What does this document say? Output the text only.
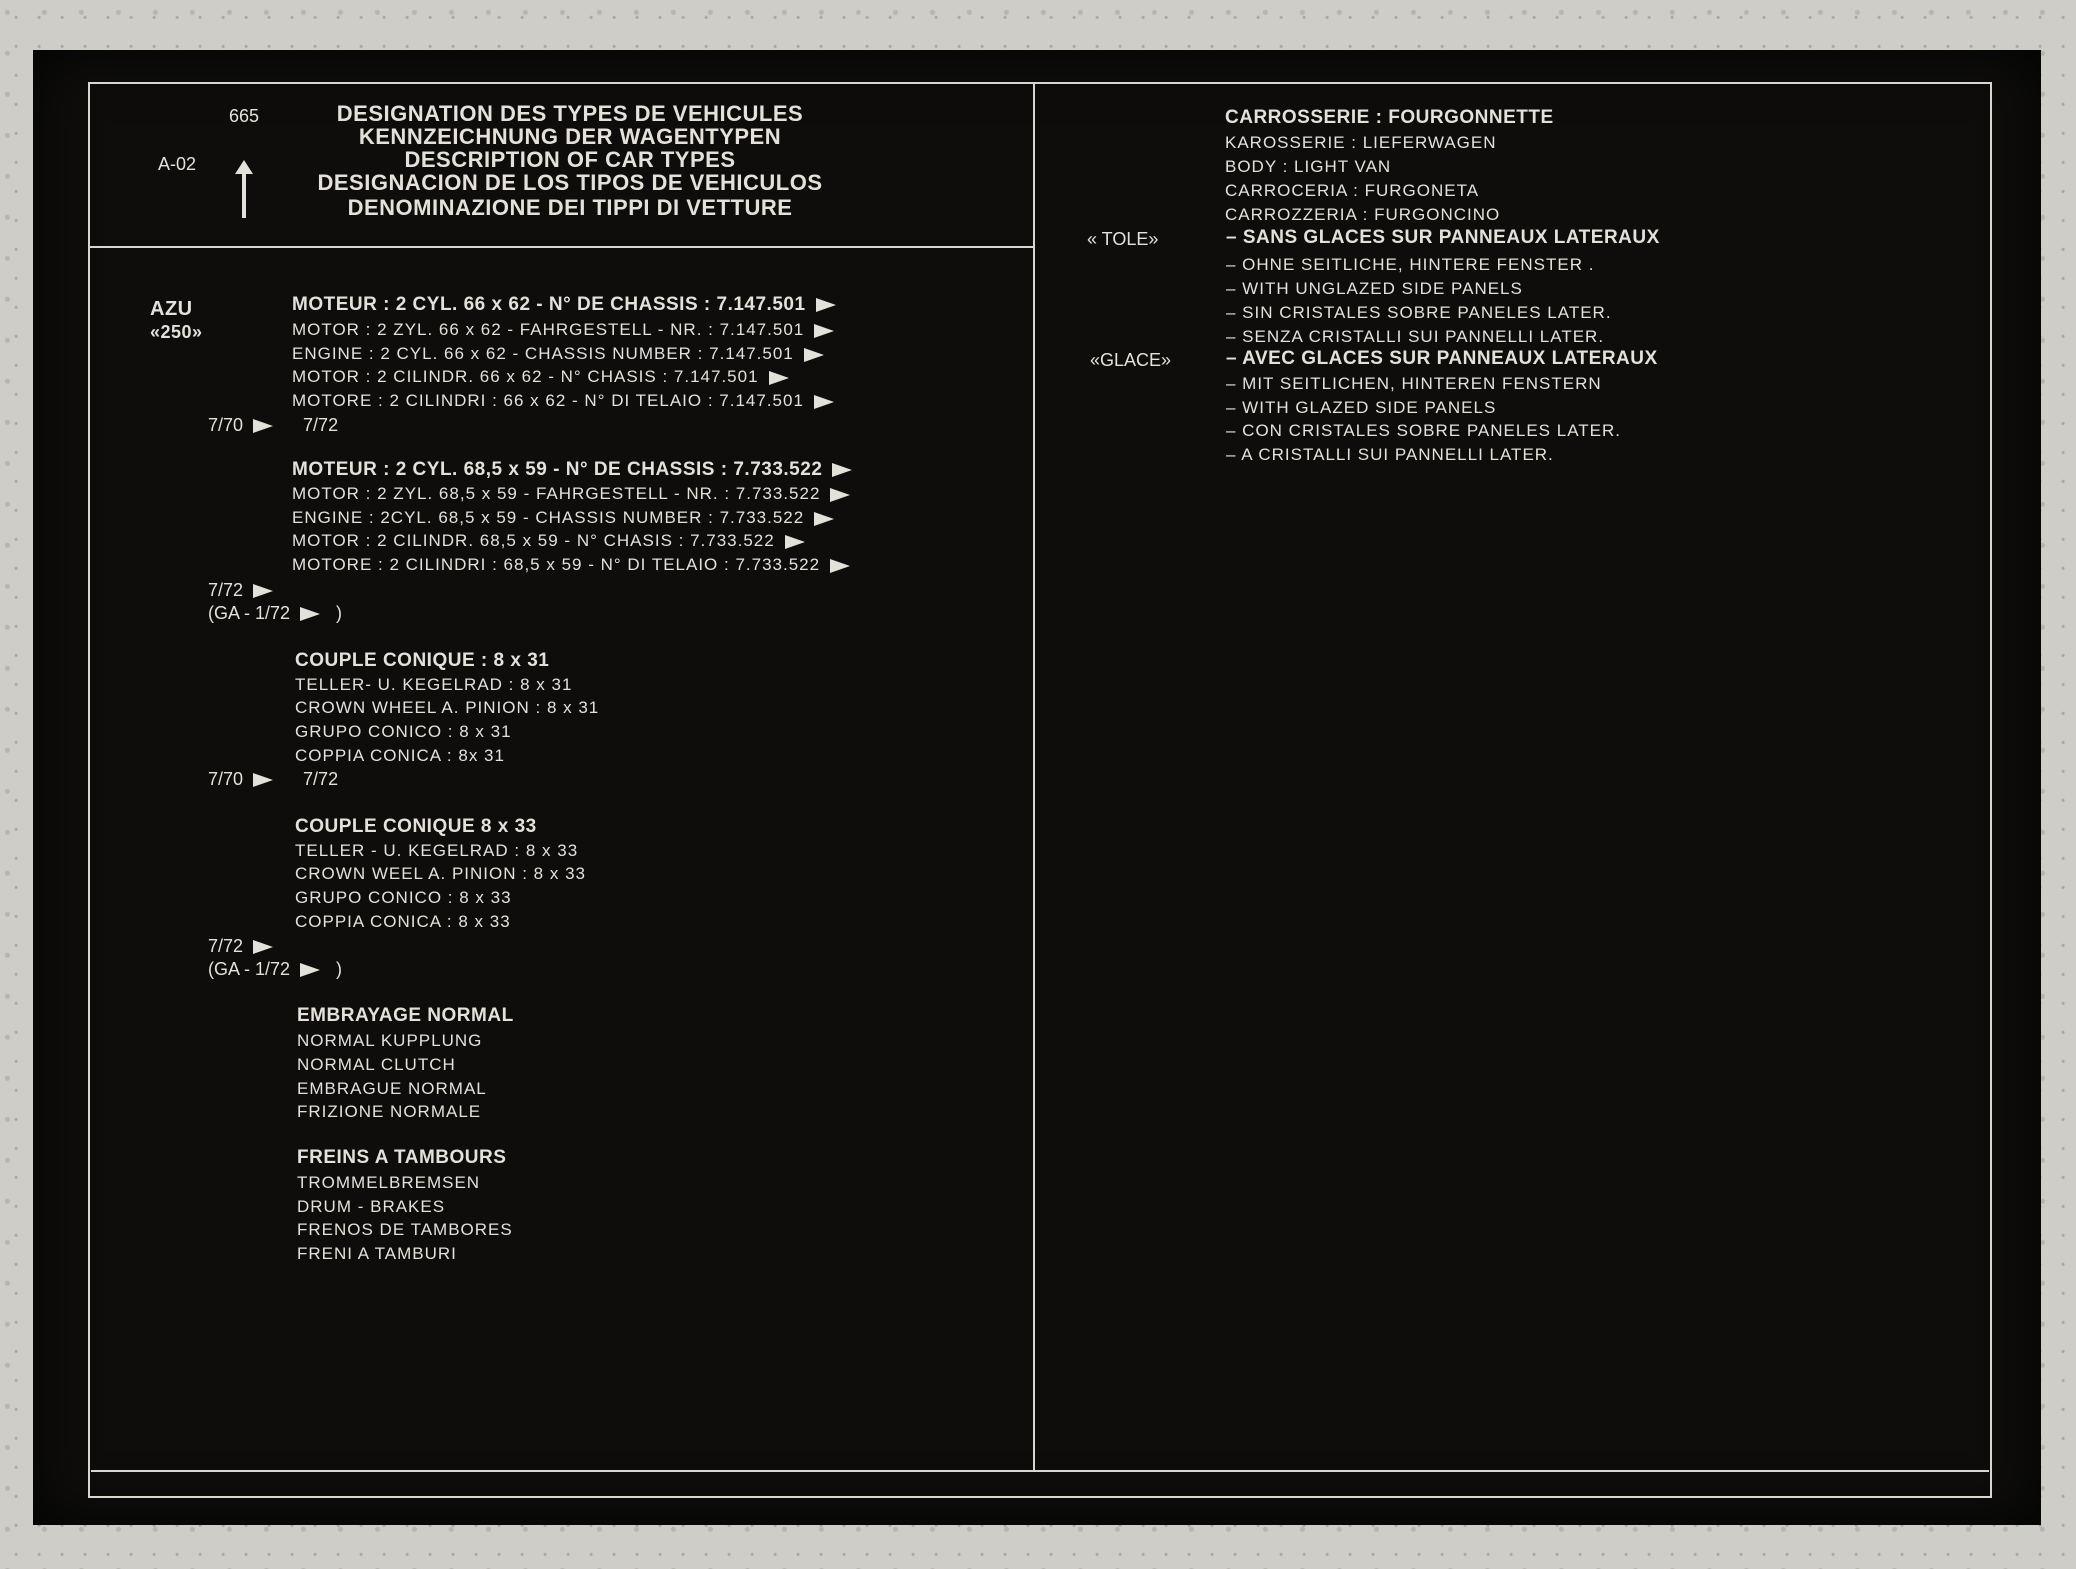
665
A-02
DESIGNATION DES TYPES DE VEHICULES
KENNZEICHNUNG DER WAGENTYPEN
DESCRIPTION OF CAR TYPES
DESIGNACION DE LOS TIPOS DE VEHICULOS
DENOMINAZIONE DEI TIPPI DI VETTURE
AZU
«250»
MOTEUR : 2 CYL. 66 x 62 - N° DE CHASSIS : 7.147.501
MOTOR : 2 ZYL. 66 x 62 - FAHRGESTELL - NR. : 7.147.501
ENGINE : 2 CYL. 66 x 62 - CHASSIS NUMBER : 7.147.501
MOTOR : 2 CILINDR. 66 x 62 - N° CHASIS : 7.147.501
MOTORE : 2 CILINDRI : 66 x 62 - N° DI TELAIO : 7.147.501
7/70	7/72
MOTEUR : 2 CYL. 68,5 x 59 - N° DE CHASSIS : 7.733.522
MOTOR : 2 ZYL. 68,5 x 59 - FAHRGESTELL - NR. : 7.733.522
ENGINE : 2CYL. 68,5 x 59 - CHASSIS NUMBER : 7.733.522
MOTOR : 2 CILINDR. 68,5 x 59 - N° CHASIS : 7.733.522
MOTORE : 2 CILINDRI : 68,5 x 59 - N° DI TELAIO : 7.733.522
7/72
(GA - 1/72	)
COUPLE CONIQUE : 8 x 31
TELLER- U. KEGELRAD : 8 x 31
CROWN WHEEL A. PINION : 8 x 31
GRUPO CONICO : 8 x 31
COPPIA CONICA : 8x 31
7/70	7/72
COUPLE CONIQUE 8 x 33
TELLER - U. KEGELRAD : 8 x 33
CROWN WEEL A. PINION : 8 x 33
GRUPO CONICO : 8 x 33
COPPIA CONICA : 8 x 33
7/72
(GA - 1/72	)
EMBRAYAGE NORMAL
NORMAL KUPPLUNG
NORMAL CLUTCH
EMBRAGUE NORMAL
FRIZIONE NORMALE
FREINS A TAMBOURS
TROMMELBREMSEN
DRUM - BRAKES
FRENOS DE TAMBORES
FRENI A TAMBURI
CARROSSERIE : FOURGONNETTE
KAROSSERIE : LIEFERWAGEN
BODY : LIGHT VAN
CARROCERIA : FURGONETA
CARROZZERIA : FURGONCINO
« TOLE»	– SANS GLACES SUR PANNEAUX LATERAUX
– OHNE SEITLICHE, HINTERE FENSTER .
– WITH UNGLAZED SIDE PANELS
– SIN CRISTALES SOBRE PANELES LATER.
– SENZA CRISTALLI SUI PANNELLI LATER.
«GLACE»	– AVEC GLACES SUR PANNEAUX LATERAUX
– MIT SEITLICHEN, HINTEREN FENSTERN
– WITH GLAZED SIDE PANELS
– CON CRISTALES SOBRE PANELES LATER.
– A CRISTALLI SUI PANNELLI LATER.
